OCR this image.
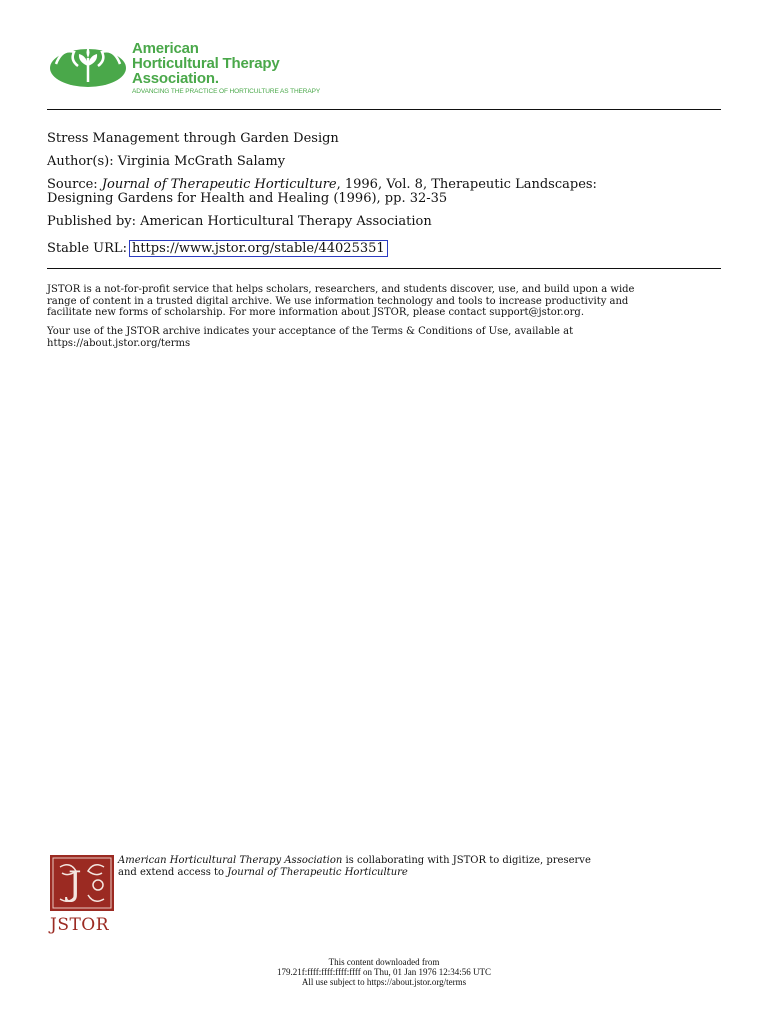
American
Horticultural Therapy
Association.
ADVANCING THE PRACTICE OF HORTICULTURE AS THERAPY
Stress Management through Garden Design
Author(s): Virginia McGrath Salamy
Source: Journal of Therapeutic Horticulture, 1996, Vol. 8, Therapeutic Landscapes:
Designing Gardens for Health and Healing (1996), pp. 32-35
Published by: American Horticultural Therapy Association
Stable URL: https://www.jstor.org/stable/44025351
JSTOR is a not-for-profit service that helps scholars, researchers, and students discover, use, and build upon a wide
range of content in a trusted digital archive. We use information technology and tools to increase productivity and
facilitate new forms of scholarship. For more information about JSTOR, please contact support@jstor.org.
Your use of the JSTOR archive indicates your acceptance of the Terms & Conditions of Use, available at
https://about.jstor.org/terms
J
JSTOR
American Horticultural Therapy Association is collaborating with JSTOR to digitize, preserve
and extend access to Journal of Therapeutic Horticulture
This content downloaded from
179.21f:ffff:ffff:ffff:ffff on Thu, 01 Jan 1976 12:34:56 UTC
All use subject to https://about.jstor.org/terms
